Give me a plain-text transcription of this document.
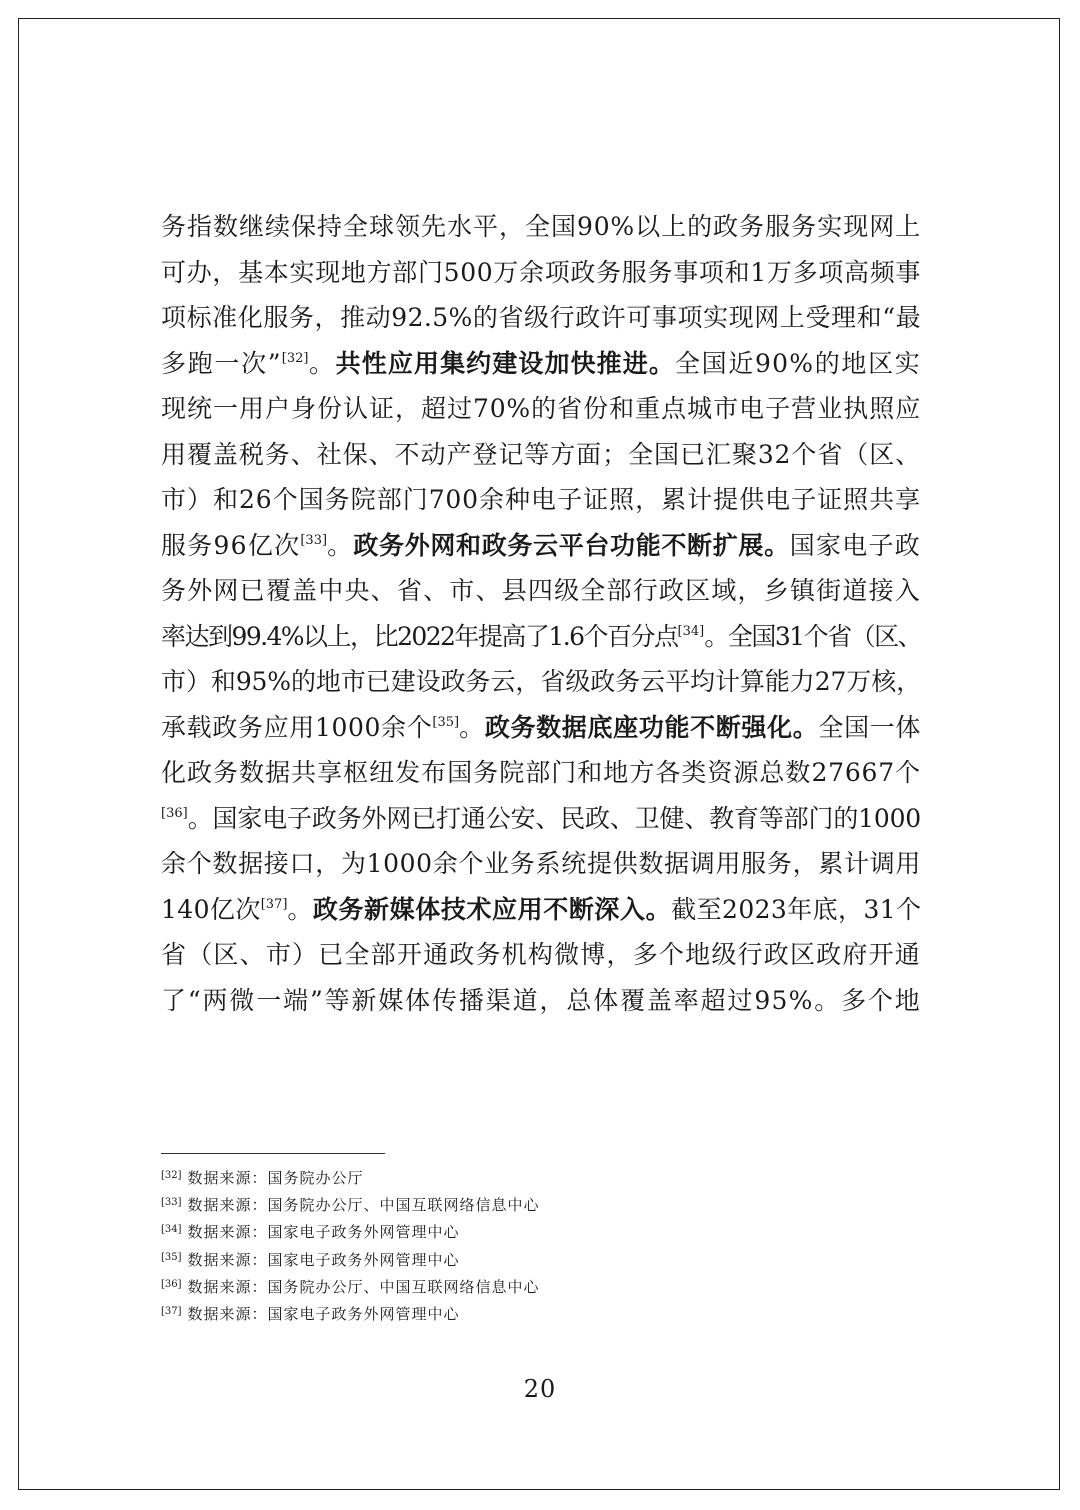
务指数继续保持全球领先水平，全国90%以上的政务服务实现网上
可办，基本实现地方部门500万余项政务服务事项和1万多项高频事
项标准化服务，推动92.5%的省级行政许可事项实现网上受理和“最
多跑一次”[32]。共性应用集约建设加快推进。全国近90%的地区实
现统一用户身份认证，超过70%的省份和重点城市电子营业执照应
用覆盖税务、社保、不动产登记等方面；全国已汇聚32个省（区、
市）和26个国务院部门700余种电子证照，累计提供电子证照共享
服务96亿次[33]。政务外网和政务云平台功能不断扩展。国家电子政
务外网已覆盖中央、省、市、县四级全部行政区域，乡镇街道接入
率达到99.4%以上，比2022年提高了1.6个百分点[34]。全国31个省（区、
市）和95%的地市已建设政务云，省级政务云平均计算能力27万核，
承载政务应用1000余个[35]。政务数据底座功能不断强化。全国一体
化政务数据共享枢纽发布国务院部门和地方各类资源总数27667个
[36]。国家电子政务外网已打通公安、民政、卫健、教育等部门的1000
余个数据接口，为1000余个业务系统提供数据调用服务，累计调用
140亿次[37]。政务新媒体技术应用不断深入。截至2023年底，31个
省（区、市）已全部开通政务机构微博，多个地级行政区政府开通
了“两微一端”等新媒体传播渠道，总体覆盖率超过95%。多个地

[32] 数据来源：国务院办公厅
[33] 数据来源：国务院办公厅、中国互联网络信息中心
[34] 数据来源：国家电子政务外网管理中心
[35] 数据来源：国家电子政务外网管理中心
[36] 数据来源：国务院办公厅、中国互联网络信息中心
[37] 数据来源：国家电子政务外网管理中心
20
